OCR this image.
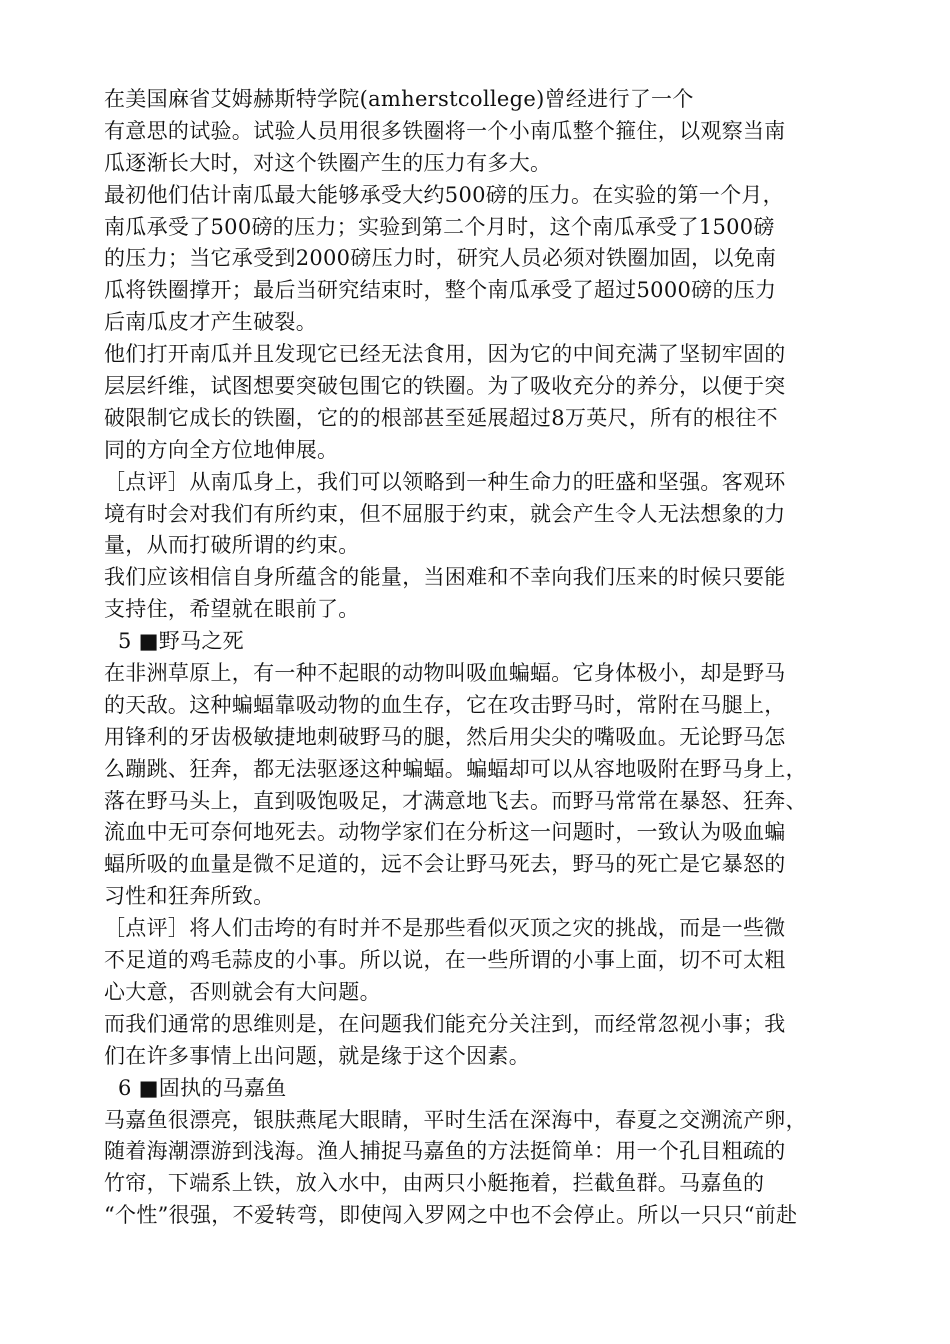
在美国麻省艾姆赫斯特学院(amherstcollege)曾经进行了一个
有意思的试验。试验人员用很多铁圈将一个小南瓜整个箍住，以观察当南
瓜逐渐长大时，对这个铁圈产生的压力有多大。
最初他们估计南瓜最大能够承受大约500磅的压力。在实验的第一个月，
南瓜承受了500磅的压力；实验到第二个月时，这个南瓜承受了1500磅
的压力；当它承受到2000磅压力时，研究人员必须对铁圈加固，以免南
瓜将铁圈撑开；最后当研究结束时，整个南瓜承受了超过5000磅的压力
后南瓜皮才产生破裂。
他们打开南瓜并且发现它已经无法食用，因为它的中间充满了坚韧牢固的
层层纤维，试图想要突破包围它的铁圈。为了吸收充分的养分，以便于突
破限制它成长的铁圈，它的的根部甚至延展超过8万英尺，所有的根往不
同的方向全方位地伸展。
［点评］从南瓜身上，我们可以领略到一种生命力的旺盛和坚强。客观环
境有时会对我们有所约束，但不屈服于约束，就会产生令人无法想象的力
量，从而打破所谓的约束。
我们应该相信自身所蕴含的能量，当困难和不幸向我们压来的时候只要能
支持住，希望就在眼前了。
5 ■野马之死
在非洲草原上，有一种不起眼的动物叫吸血蝙蝠。它身体极小，却是野马
的天敌。这种蝙蝠靠吸动物的血生存，它在攻击野马时，常附在马腿上，
用锋利的牙齿极敏捷地刺破野马的腿，然后用尖尖的嘴吸血。无论野马怎
么蹦跳、狂奔，都无法驱逐这种蝙蝠。蝙蝠却可以从容地吸附在野马身上，
落在野马头上，直到吸饱吸足，才满意地飞去。而野马常常在暴怒、狂奔、
流血中无可奈何地死去。动物学家们在分析这一问题时，一致认为吸血蝙
蝠所吸的血量是微不足道的，远不会让野马死去，野马的死亡是它暴怒的
习性和狂奔所致。
［点评］将人们击垮的有时并不是那些看似灭顶之灾的挑战，而是一些微
不足道的鸡毛蒜皮的小事。所以说，在一些所谓的小事上面，切不可太粗
心大意，否则就会有大问题。
而我们通常的思维则是，在问题我们能充分关注到，而经常忽视小事；我
们在许多事情上出问题，就是缘于这个因素。
6 ■固执的马嘉鱼
马嘉鱼很漂亮，银肤燕尾大眼睛，平时生活在深海中，春夏之交溯流产卵，
随着海潮漂游到浅海。渔人捕捉马嘉鱼的方法挺简单：用一个孔目粗疏的
竹帘，下端系上铁，放入水中，由两只小艇拖着，拦截鱼群。马嘉鱼的
“个性”很强，不爱转弯，即使闯入罗网之中也不会停止。所以一只只“前赴
